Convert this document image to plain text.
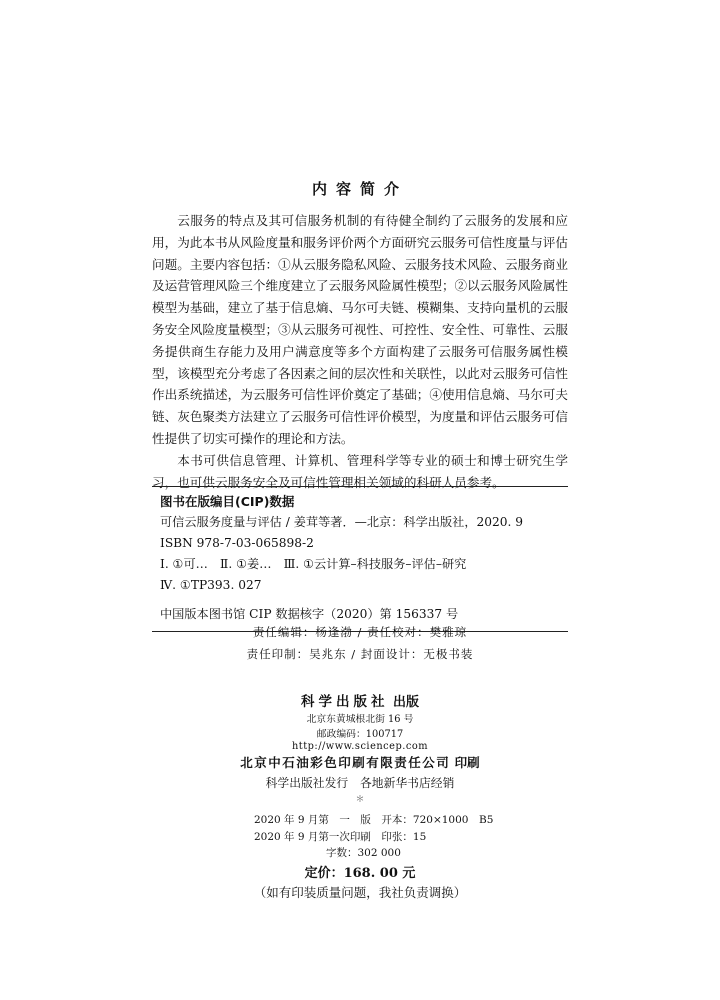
内容简介

云服务的特点及其可信服务机制的有待健全制约了云服务的发展和应用，为此本书从风险度量和服务评价两个方面研究云服务可信性度量与评估问题。主要内容包括：①从云服务隐私风险、云服务技术风险、云服务商业及运营管理风险三个维度建立了云服务风险属性模型；②以云服务风险属性模型为基础，建立了基于信息熵、马尔可夫链、模糊集、支持向量机的云服务安全风险度量模型；③从云服务可视性、可控性、安全性、可靠性、云服务提供商生存能力及用户满意度等多个方面构建了云服务可信服务属性模型，该模型充分考虑了各因素之间的层次性和关联性，以此对云服务可信性作出系统描述，为云服务可信性评价奠定了基础；④使用信息熵、马尔可夫链、灰色聚类方法建立了云服务可信性评价模型，为度量和评估云服务可信性提供了切实可操作的理论和方法。

本书可供信息管理、计算机、管理科学等专业的硕士和博士研究生学习，也可供云服务安全及可信性管理相关领域的科研人员参考。

图书在版编目(CIP)数据
可信云服务度量与评估 / 姜茸等著．—北京：科学出版社，2020. 9
ISBN 978-7-03-065898-2
Ⅰ. ①可…　Ⅱ. ①姜…　Ⅲ. ①云计算–科技服务–评估–研究
Ⅳ. ①TP393. 027
中国版本图书馆 CIP 数据核字（2020）第 156337 号
责任编辑：杨逢渤 / 责任校对：樊雅琼
责任印制：吴兆东 / 封面设计：无极书装
科学出版社 出版
北京东黄城根北街 16 号
邮政编码：100717
http://www.sciencep.com
北京中石油彩色印刷有限责任公司 印刷
科学出版社发行　各地新华书店经销
＊
2020 年 9 月第　一　版　开本：720×1000　B5
2020 年 9 月第一次印刷　印张：15
字数：302 000
定价：168. 00 元
（如有印装质量问题，我社负责调换）
